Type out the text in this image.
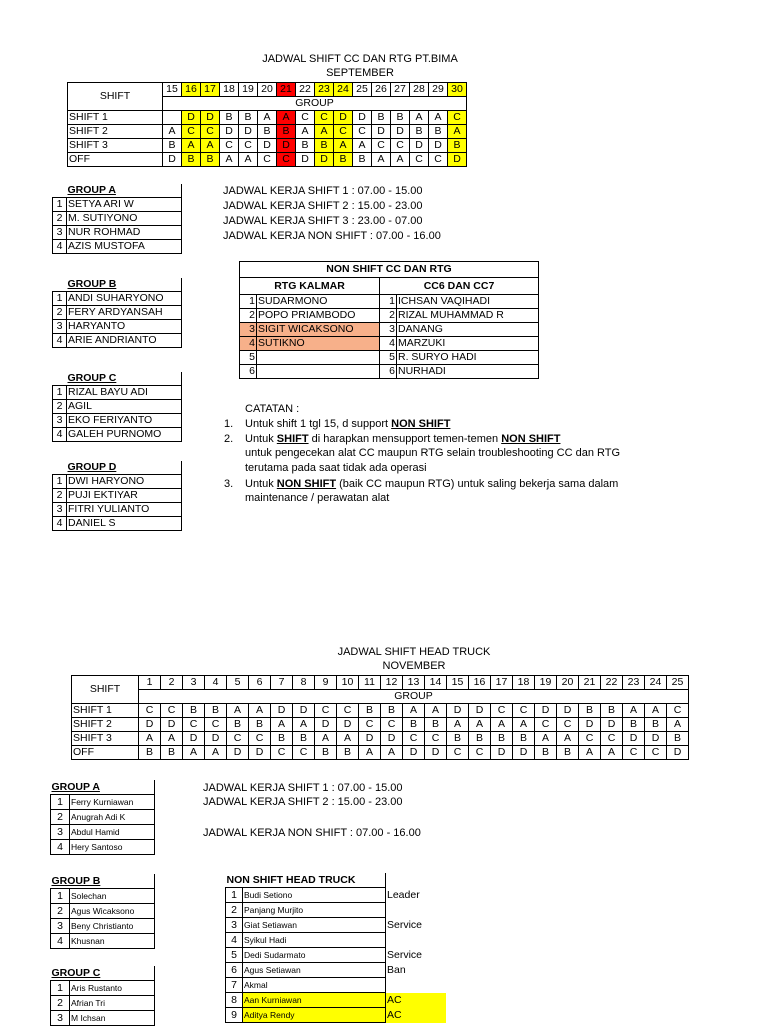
JADWAL SHIFT CC DAN RTG PT.BIMA
SEPTEMBER
SHIFT	15	16	17	18	19	20	21	22	23	24	25	26	27	28	29	30
	GROUP															
SHIFT 1		D	D	B	B	A	A	C	C	D	D	B	B	A	A	C
SHIFT 2	A	C	C	D	D	B	B	A	A	C	C	D	D	B	B	A
SHIFT 3	B	A	A	C	C	D	D	B	B	A	A	C	C	D	D	B
OFF	D	B	B	A	A	C	C	D	D	B	B	A	A	C	C	D
	GROUP A
1	SETYA ARI W
2	M. SUTIYONO
3	NUR ROHMAD
4	AZIS MUSTOFA
	GROUP B
1	ANDI SUHARYONO
2	FERY ARDYANSAH
3	HARYANTO
4	ARIE ANDRIANTO
	GROUP C
1	RIZAL BAYU ADI
2	AGIL
3	EKO FERIYANTO
4	GALEH PURNOMO
	GROUP D
1	DWI HARYONO
2	PUJI EKTIYAR
3	FITRI YULIANTO
4	DANIEL S
JADWAL KERJA SHIFT 1 : 07.00 - 15.00
JADWAL KERJA SHIFT 2 : 15.00 - 23.00
JADWAL KERJA SHIFT 3 : 23.00 - 07.00
JADWAL KERJA NON SHIFT : 07.00 - 16.00
NON SHIFT CC DAN RTG			
RTG KALMAR		CC6 DAN CC7	
1	SUDARMONO	1	ICHSAN VAQIHADI
2	POPO PRIAMBODO	2	RIZAL MUHAMMAD R
3	SIGIT WICAKSONO	3	DANANG
4	SUTIKNO	4	MARZUKI
5		5	R. SURYO HADI
6		6	NURHADI
CATATAN :
1. Untuk shift 1 tgl 15, d support NON SHIFT
2. Untuk SHIFT di harapkan mensupport temen-temen NON SHIFT
untuk pengecekan alat CC maupun RTG selain troubleshooting CC dan RTG
terutama pada saat tidak ada operasi
3. Untuk NON SHIFT (baik CC maupun RTG) untuk saling bekerja sama dalam
maintenance / perawatan alat
JADWAL SHIFT HEAD TRUCK
NOVEMBER
SHIFT	1	2	3	4	5	6	7	8	9	10	11	12	13	14	15	16	17	18	19	20	21	22	23	24	25
	GROUP																								
SHIFT 1	C	C	B	B	A	A	D	D	C	C	B	B	A	A	D	D	C	C	D	D	B	B	A	A	C
SHIFT 2	D	D	C	C	B	B	A	A	D	D	C	C	B	B	A	A	A	A	C	C	D	D	B	B	A
SHIFT 3	A	A	D	D	C	C	B	B	A	A	D	D	C	C	B	B	B	B	A	A	C	C	D	D	B
OFF	B	B	A	A	D	D	C	C	B	B	A	A	D	D	C	C	D	D	B	B	A	A	C	C	D
GROUP A	
1	Ferry Kurniawan
2	Anugrah Adi K
3	Abdul Hamid
4	Hery Santoso
GROUP B	
1	Solechan
2	Agus Wicaksono
3	Beny Christianto
4	Khusnan
GROUP C	
1	Aris Rustanto
2	Afrian Tri
3	M Ichsan
JADWAL KERJA SHIFT 1 : 07.00 - 15.00
JADWAL KERJA SHIFT 2 : 15.00 - 23.00
JADWAL KERJA NON SHIFT : 07.00 - 16.00
NON SHIFT HEAD TRUCK		
1	Budi Setiono	Leader
2	Panjang Murjito	
3	Giat Setiawan	Service
4	Syikul Hadi	
5	Dedi Sudarmato	Service
6	Agus Setiawan	Ban
7	Akmal	
8	Aan Kurniawan	AC
9	Aditya Rendy	AC
